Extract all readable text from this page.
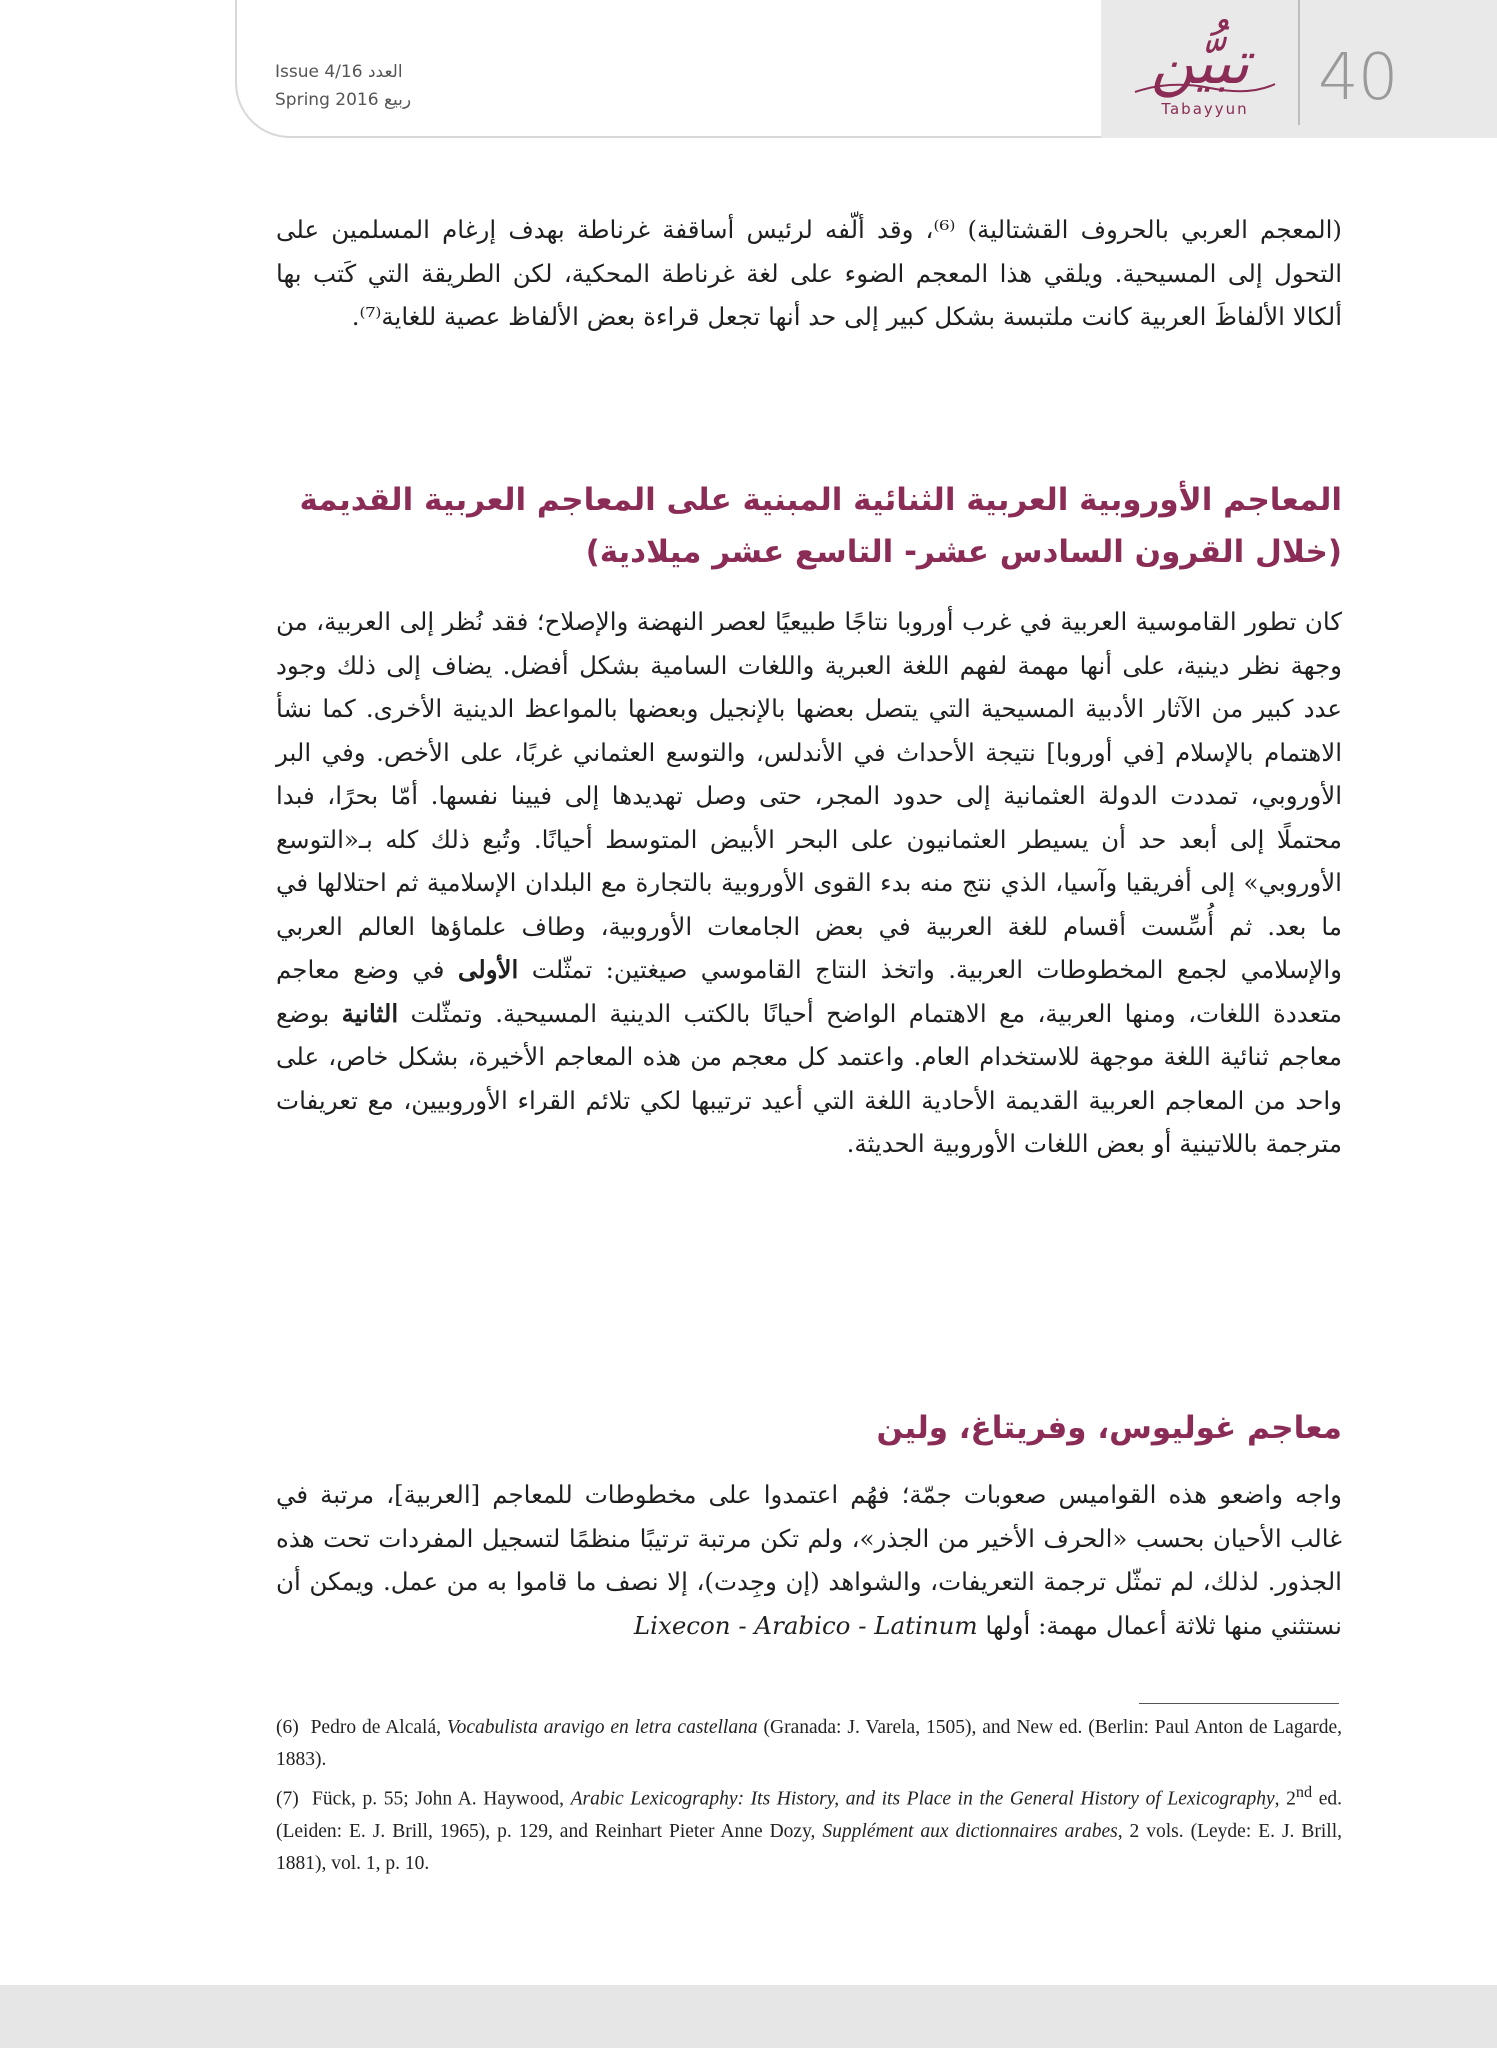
40
تبيُّن
Tabayyun
Issue 4/16 العدد
Spring 2016 ربيع

(المعجم العربي بالحروف القشتالية) ⁽⁶⁾، وقد ألّفه لرئيس أساقفة غرناطة بهدف إرغام المسلمين على التحول إلى المسيحية. ويلقي هذا المعجم الضوء على لغة غرناطة المحكية، لكن الطريقة التي كَتب بها ألكالا الألفاظَ العربية كانت ملتبسة بشكل كبير إلى حد أنها تجعل قراءة بعض الألفاظ عصية للغاية⁽⁷⁾.

المعاجم الأوروبية العربية الثنائية المبنية على المعاجم العربية القديمة (خلال القرون السادس عشر- التاسع عشر ميلادية)

كان تطور القاموسية العربية في غرب أوروبا نتاجًا طبيعيًا لعصر النهضة والإصلاح؛ فقد نُظر إلى العربية، من وجهة نظر دينية، على أنها مهمة لفهم اللغة العبرية واللغات السامية بشكل أفضل. يضاف إلى ذلك وجود عدد كبير من الآثار الأدبية المسيحية التي يتصل بعضها بالإنجيل وبعضها بالمواعظ الدينية الأخرى. كما نشأ الاهتمام بالإسلام [في أوروبا] نتيجة الأحداث في الأندلس، والتوسع العثماني غربًا، على الأخص. وفي البر الأوروبي، تمددت الدولة العثمانية إلى حدود المجر، حتى وصل تهديدها إلى فيينا نفسها. أمّا بحرًا، فبدا محتملًا إلى أبعد حد أن يسيطر العثمانيون على البحر الأبيض المتوسط أحيانًا. وتُبع ذلك كله بـ«التوسع الأوروبي» إلى أفريقيا وآسيا، الذي نتج منه بدء القوى الأوروبية بالتجارة مع البلدان الإسلامية ثم احتلالها في ما بعد. ثم أُسِّست أقسام للغة العربية في بعض الجامعات الأوروبية، وطاف علماؤها العالم العربي والإسلامي لجمع المخطوطات العربية. واتخذ النتاج القاموسي صيغتين: تمثّلت الأولى في وضع معاجم متعددة اللغات، ومنها العربية، مع الاهتمام الواضح أحيانًا بالكتب الدينية المسيحية. وتمثّلت الثانية بوضع معاجم ثنائية اللغة موجهة للاستخدام العام. واعتمد كل معجم من هذه المعاجم الأخيرة، بشكل خاص، على واحد من المعاجم العربية القديمة الأحادية اللغة التي أعيد ترتيبها لكي تلائم القراء الأوروبيين، مع تعريفات مترجمة باللاتينية أو بعض اللغات الأوروبية الحديثة.

معاجم غوليوس، وفريتاغ، ولين

واجه واضعو هذه القواميس صعوبات جمّة؛ فهُم اعتمدوا على مخطوطات للمعاجم [العربية]، مرتبة في غالب الأحيان بحسب «الحرف الأخير من الجذر»، ولم تكن مرتبة ترتيبًا منظمًا لتسجيل المفردات تحت هذه الجذور. لذلك، لم تمثّل ترجمة التعريفات، والشواهد (إن وجِدت)، إلا نصف ما قاموا به من عمل. ويمكن أن نستثني منها ثلاثة أعمال مهمة: أولها Lixecon - Arabico - Latinum

(6) Pedro de Alcalá, Vocabulista aravigo en letra castellana (Granada: J. Varela, 1505), and New ed. (Berlin: Paul Anton de Lagarde, 1883).

(7) Fück, p. 55; John A. Haywood, Arabic Lexicography: Its History, and its Place in the General History of Lexicography, 2nd ed. (Leiden: E. J. Brill, 1965), p. 129, and Reinhart Pieter Anne Dozy, Supplément aux dictionnaires arabes, 2 vols. (Leyde: E. J. Brill, 1881), vol. 1, p. 10.
